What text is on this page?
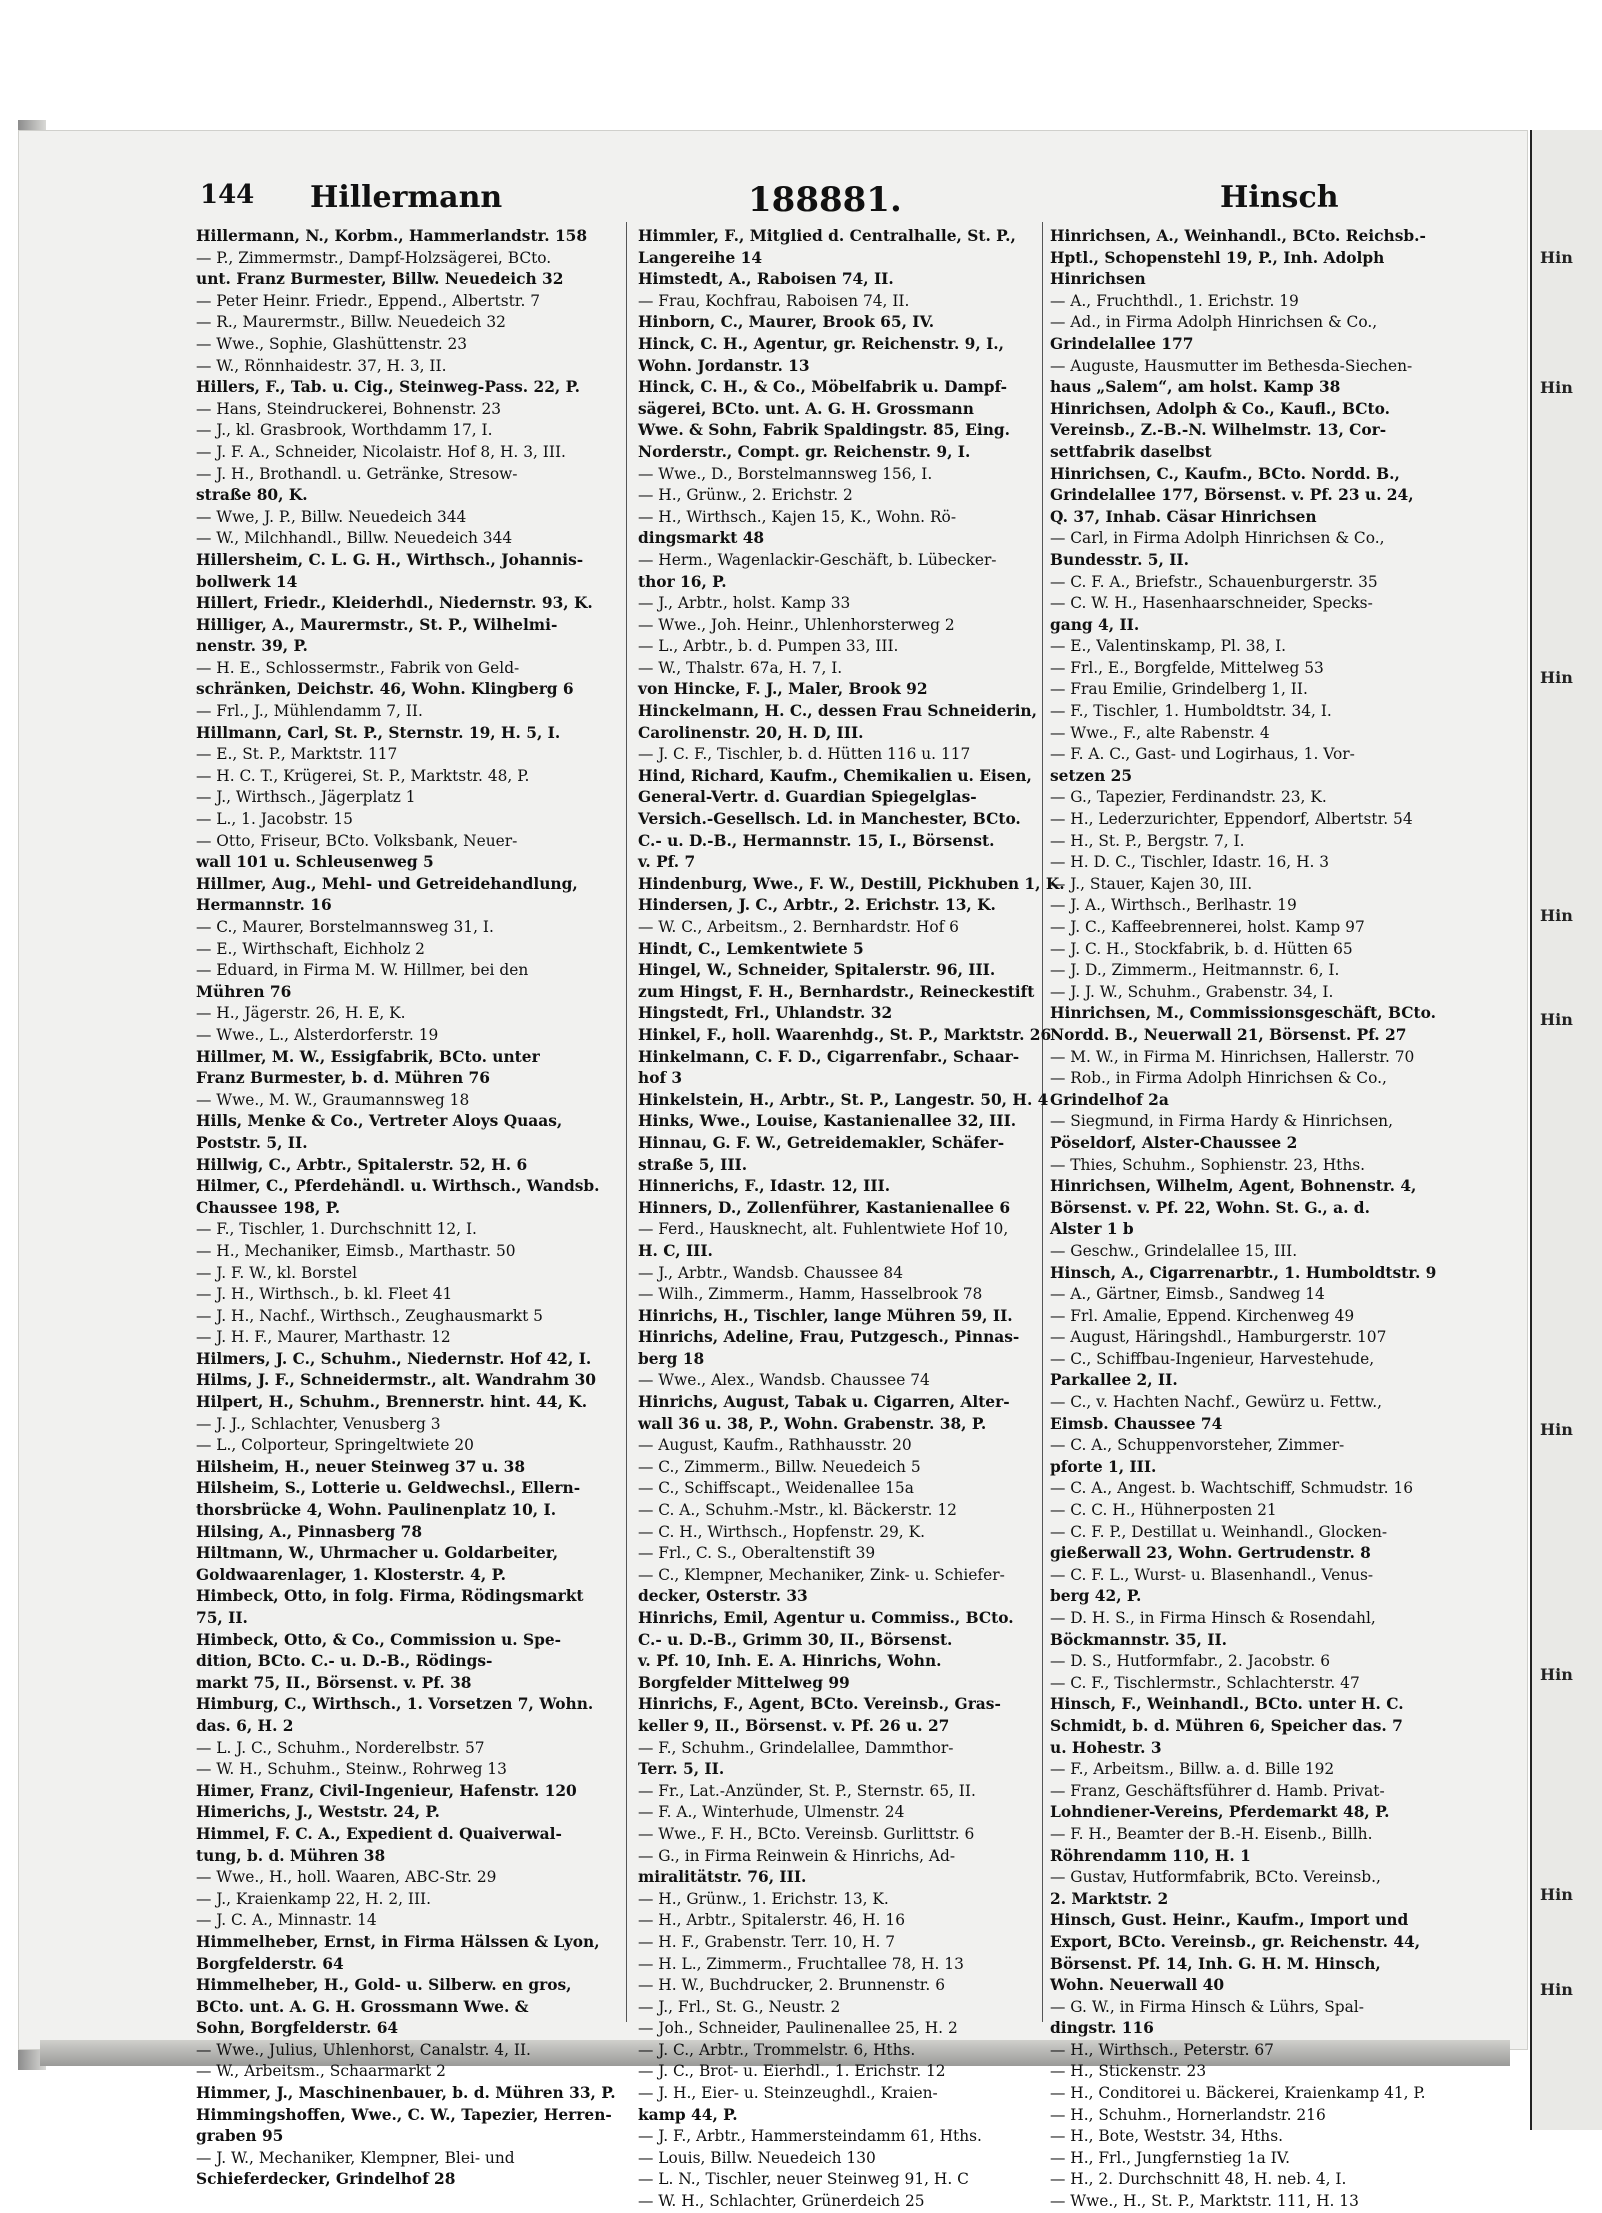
Hin
Hin
Hin
Hin
Hin
Hin
Hin
Hin
Hin
144 Hillermann	188881.	Hinsch
Hillermann, N., Korbm., Hammerlandstr. 158
— P., Zimmermstr., Dampf-Holzsägerei, BCto.
unt. Franz Burmester, Billw. Neuedeich 32
— Peter Heinr. Friedr., Eppend., Albertstr. 7
— R., Maurermstr., Billw. Neuedeich 32
— Wwe., Sophie, Glashüttenstr. 23
— W., Rönnhaidestr. 37, H. 3, II.
Hillers, F., Tab. u. Cig., Steinweg-Pass. 22, P.
— Hans, Steindruckerei, Bohnenstr. 23
— J., kl. Grasbrook, Worthdamm 17, I.
— J. F. A., Schneider, Nicolaistr. Hof 8, H. 3, III.
— J. H., Brothandl. u. Getränke, Stresow-
straße 80, K.
— Wwe, J. P., Billw. Neuedeich 344
— W., Milchhandl., Billw. Neuedeich 344
Hillersheim, C. L. G. H., Wirthsch., Johannis-
bollwerk 14
Hillert, Friedr., Kleiderhdl., Niedernstr. 93, K.
Hilliger, A., Maurermstr., St. P., Wilhelmi-
nenstr. 39, P.
— H. E., Schlossermstr., Fabrik von Geld-
schränken, Deichstr. 46, Wohn. Klingberg 6
— Frl., J., Mühlendamm 7, II.
Hillmann, Carl, St. P., Sternstr. 19, H. 5, I.
— E., St. P., Marktstr. 117
— H. C. T., Krügerei, St. P., Marktstr. 48, P.
— J., Wirthsch., Jägerplatz 1
— L., 1. Jacobstr. 15
— Otto, Friseur, BCto. Volksbank, Neuer-
wall 101 u. Schleusenweg 5
Hillmer, Aug., Mehl- und Getreidehandlung,
Hermannstr. 16
— C., Maurer, Borstelmannsweg 31, I.
— E., Wirthschaft, Eichholz 2
— Eduard, in Firma M. W. Hillmer, bei den
Mühren 76
— H., Jägerstr. 26, H. E, K.
— Wwe., L., Alsterdorferstr. 19
Hillmer, M. W., Essigfabrik, BCto. unter
Franz Burmester, b. d. Mühren 76
— Wwe., M. W., Graumannsweg 18
Hills, Menke & Co., Vertreter Aloys Quaas,
Poststr. 5, II.
Hillwig, C., Arbtr., Spitalerstr. 52, H. 6
Hilmer, C., Pferdehändl. u. Wirthsch., Wandsb.
Chaussee 198, P.
— F., Tischler, 1. Durchschnitt 12, I.
— H., Mechaniker, Eimsb., Marthastr. 50
— J. F. W., kl. Borstel
— J. H., Wirthsch., b. kl. Fleet 41
— J. H., Nachf., Wirthsch., Zeughausmarkt 5
— J. H. F., Maurer, Marthastr. 12
Hilmers, J. C., Schuhm., Niedernstr. Hof 42, I.
Hilms, J. F., Schneidermstr., alt. Wandrahm 30
Hilpert, H., Schuhm., Brennerstr. hint. 44, K.
— J. J., Schlachter, Venusberg 3
— L., Colporteur, Springeltwiete 20
Hilsheim, H., neuer Steinweg 37 u. 38
Hilsheim, S., Lotterie u. Geldwechsl., Ellern-
thorsbrücke 4, Wohn. Paulinenplatz 10, I.
Hilsing, A., Pinnasberg 78
Hiltmann, W., Uhrmacher u. Goldarbeiter,
Goldwaarenlager, 1. Klosterstr. 4, P.
Himbeck, Otto, in folg. Firma, Rödingsmarkt
75, II.
Himbeck, Otto, & Co., Commission u. Spe-
dition, BCto. C.- u. D.-B., Rödings-
markt 75, II., Börsenst. v. Pf. 38
Himburg, C., Wirthsch., 1. Vorsetzen 7, Wohn.
das. 6, H. 2
— L. J. C., Schuhm., Norderelbstr. 57
— W. H., Schuhm., Steinw., Rohrweg 13
Himer, Franz, Civil-Ingenieur, Hafenstr. 120
Himerichs, J., Weststr. 24, P.
Himmel, F. C. A., Expedient d. Quaiverwal-
tung, b. d. Mühren 38
— Wwe., H., holl. Waaren, ABC-Str. 29
— J., Kraienkamp 22, H. 2, III.
— J. C. A., Minnastr. 14
Himmelheber, Ernst, in Firma Hälssen & Lyon,
Borgfelderstr. 64
Himmelheber, H., Gold- u. Silberw. en gros,
BCto. unt. A. G. H. Grossmann Wwe. &
Sohn, Borgfelderstr. 64
— Wwe., Julius, Uhlenhorst, Canalstr. 4, II.
— W., Arbeitsm., Schaarmarkt 2
Himmer, J., Maschinenbauer, b. d. Mühren 33, P.
Himmingshoffen, Wwe., C. W., Tapezier, Herren-
graben 95
— J. W., Mechaniker, Klempner, Blei- und
Schieferdecker, Grindelhof 28
Himmler, F., Mitglied d. Centralhalle, St. P.,
Langereihe 14
Himstedt, A., Raboisen 74, II.
— Frau, Kochfrau, Raboisen 74, II.
Hinborn, C., Maurer, Brook 65, IV.
Hinck, C. H., Agentur, gr. Reichenstr. 9, I.,
Wohn. Jordanstr. 13
Hinck, C. H., & Co., Möbelfabrik u. Dampf-
sägerei, BCto. unt. A. G. H. Grossmann
Wwe. & Sohn, Fabrik Spaldingstr. 85, Eing.
Norderstr., Compt. gr. Reichenstr. 9, I.
— Wwe., D., Borstelmannsweg 156, I.
— H., Grünw., 2. Erichstr. 2
— H., Wirthsch., Kajen 15, K., Wohn. Rö-
dingsmarkt 48
— Herm., Wagenlackir-Geschäft, b. Lübecker-
thor 16, P.
— J., Arbtr., holst. Kamp 33
— Wwe., Joh. Heinr., Uhlenhorsterweg 2
— L., Arbtr., b. d. Pumpen 33, III.
— W., Thalstr. 67a, H. 7, I.
von Hincke, F. J., Maler, Brook 92
Hinckelmann, H. C., dessen Frau Schneiderin,
Carolinenstr. 20, H. D, III.
— J. C. F., Tischler, b. d. Hütten 116 u. 117
Hind, Richard, Kaufm., Chemikalien u. Eisen,
General-Vertr. d. Guardian Spiegelglas-
Versich.-Gesellsch. Ld. in Manchester, BCto.
C.- u. D.-B., Hermannstr. 15, I., Börsenst.
v. Pf. 7
Hindenburg, Wwe., F. W., Destill, Pickhuben 1, K.
Hindersen, J. C., Arbtr., 2. Erichstr. 13, K.
— W. C., Arbeitsm., 2. Bernhardstr. Hof 6
Hindt, C., Lemkentwiete 5
Hingel, W., Schneider, Spitalerstr. 96, III.
zum Hingst, F. H., Bernhardstr., Reineckestift
Hingstedt, Frl., Uhlandstr. 32
Hinkel, F., holl. Waarenhdg., St. P., Marktstr. 26
Hinkelmann, C. F. D., Cigarrenfabr., Schaar-
hof 3
Hinkelstein, H., Arbtr., St. P., Langestr. 50, H. 4
Hinks, Wwe., Louise, Kastanienallee 32, III.
Hinnau, G. F. W., Getreidemakler, Schäfer-
straße 5, III.
Hinnerichs, F., Idastr. 12, III.
Hinners, D., Zollenführer, Kastanienallee 6
— Ferd., Hausknecht, alt. Fuhlentwiete Hof 10,
H. C, III.
— J., Arbtr., Wandsb. Chaussee 84
— Wilh., Zimmerm., Hamm, Hasselbrook 78
Hinrichs, H., Tischler, lange Mühren 59, II.
Hinrichs, Adeline, Frau, Putzgesch., Pinnas-
berg 18
— Wwe., Alex., Wandsb. Chaussee 74
Hinrichs, August, Tabak u. Cigarren, Alter-
wall 36 u. 38, P., Wohn. Grabenstr. 38, P.
— August, Kaufm., Rathhausstr. 20
— C., Zimmerm., Billw. Neuedeich 5
— C., Schiffscapt., Weidenallee 15a
— C. A., Schuhm.-Mstr., kl. Bäckerstr. 12
— C. H., Wirthsch., Hopfenstr. 29, K.
— Frl., C. S., Oberaltenstift 39
— C., Klempner, Mechaniker, Zink- u. Schiefer-
decker, Osterstr. 33
Hinrichs, Emil, Agentur u. Commiss., BCto.
C.- u. D.-B., Grimm 30, II., Börsenst.
v. Pf. 10, Inh. E. A. Hinrichs, Wohn.
Borgfelder Mittelweg 99
Hinrichs, F., Agent, BCto. Vereinsb., Gras-
keller 9, II., Börsenst. v. Pf. 26 u. 27
— F., Schuhm., Grindelallee, Dammthor-
Terr. 5, II.
— Fr., Lat.-Anzünder, St. P., Sternstr. 65, II.
— F. A., Winterhude, Ulmenstr. 24
— Wwe., F. H., BCto. Vereinsb. Gurlittstr. 6
— G., in Firma Reinwein & Hinrichs, Ad-
miralitätstr. 76, III.
— H., Grünw., 1. Erichstr. 13, K.
— H., Arbtr., Spitalerstr. 46, H. 16
— H. F., Grabenstr. Terr. 10, H. 7
— H. L., Zimmerm., Fruchtallee 78, H. 13
— H. W., Buchdrucker, 2. Brunnenstr. 6
— J., Frl., St. G., Neustr. 2
— Joh., Schneider, Paulinenallee 25, H. 2
— J. C., Arbtr., Trommelstr. 6, Hths.
— J. C., Brot- u. Eierhdl., 1. Erichstr. 12
— J. H., Eier- u. Steinzeughdl., Kraien-
kamp 44, P.
— J. F., Arbtr., Hammersteindamm 61, Hths.
— Louis, Billw. Neuedeich 130
— L. N., Tischler, neuer Steinweg 91, H. C
— W. H., Schlachter, Grünerdeich 25
Hinrichsen, A., Weinhandl., BCto. Reichsb.-
Hptl., Schopenstehl 19, P., Inh. Adolph
Hinrichsen
— A., Fruchthdl., 1. Erichstr. 19
— Ad., in Firma Adolph Hinrichsen & Co.,
Grindelallee 177
— Auguste, Hausmutter im Bethesda-Siechen-
haus „Salem“, am holst. Kamp 38
Hinrichsen, Adolph & Co., Kaufl., BCto.
Vereinsb., Z.-B.-N. Wilhelmstr. 13, Cor-
settfabrik daselbst
Hinrichsen, C., Kaufm., BCto. Nordd. B.,
Grindelallee 177, Börsenst. v. Pf. 23 u. 24,
Q. 37, Inhab. Cäsar Hinrichsen
— Carl, in Firma Adolph Hinrichsen & Co.,
Bundesstr. 5, II.
— C. F. A., Briefstr., Schauenburgerstr. 35
— C. W. H., Hasenhaarschneider, Specks-
gang 4, II.
— E., Valentinskamp, Pl. 38, I.
— Frl., E., Borgfelde, Mittelweg 53
— Frau Emilie, Grindelberg 1, II.
— F., Tischler, 1. Humboldtstr. 34, I.
— Wwe., F., alte Rabenstr. 4
— F. A. C., Gast- und Logirhaus, 1. Vor-
setzen 25
— G., Tapezier, Ferdinandstr. 23, K.
— H., Lederzurichter, Eppendorf, Albertstr. 54
— H., St. P., Bergstr. 7, I.
— H. D. C., Tischler, Idastr. 16, H. 3
— J., Stauer, Kajen 30, III.
— J. A., Wirthsch., Berlhastr. 19
— J. C., Kaffeebrennerei, holst. Kamp 97
— J. C. H., Stockfabrik, b. d. Hütten 65
— J. D., Zimmerm., Heitmannstr. 6, I.
— J. J. W., Schuhm., Grabenstr. 34, I.
Hinrichsen, M., Commissionsgeschäft, BCto.
Nordd. B., Neuerwall 21, Börsenst. Pf. 27
— M. W., in Firma M. Hinrichsen, Hallerstr. 70
— Rob., in Firma Adolph Hinrichsen & Co.,
Grindelhof 2a
— Siegmund, in Firma Hardy & Hinrichsen,
Pöseldorf, Alster-Chaussee 2
— Thies, Schuhm., Sophienstr. 23, Hths.
Hinrichsen, Wilhelm, Agent, Bohnenstr. 4,
Börsenst. v. Pf. 22, Wohn. St. G., a. d.
Alster 1 b
— Geschw., Grindelallee 15, III.
Hinsch, A., Cigarrenarbtr., 1. Humboldtstr. 9
— A., Gärtner, Eimsb., Sandweg 14
— Frl. Amalie, Eppend. Kirchenweg 49
— August, Häringshdl., Hamburgerstr. 107
— C., Schiffbau-Ingenieur, Harvestehude,
Parkallee 2, II.
— C., v. Hachten Nachf., Gewürz u. Fettw.,
Eimsb. Chaussee 74
— C. A., Schuppenvorsteher, Zimmer-
pforte 1, III.
— C. A., Angest. b. Wachtschiff, Schmudstr. 16
— C. C. H., Hühnerposten 21
— C. F. P., Destillat u. Weinhandl., Glocken-
gießerwall 23, Wohn. Gertrudenstr. 8
— C. F. L., Wurst- u. Blasenhandl., Venus-
berg 42, P.
— D. H. S., in Firma Hinsch & Rosendahl,
Böckmannstr. 35, II.
— D. S., Hutformfabr., 2. Jacobstr. 6
— C. F., Tischlermstr., Schlachterstr. 47
Hinsch, F., Weinhandl., BCto. unter H. C.
Schmidt, b. d. Mühren 6, Speicher das. 7
u. Hohestr. 3
— F., Arbeitsm., Billw. a. d. Bille 192
— Franz, Geschäftsführer d. Hamb. Privat-
Lohndiener-Vereins, Pferdemarkt 48, P.
— F. H., Beamter der B.-H. Eisenb., Billh.
Röhrendamm 110, H. 1
— Gustav, Hutformfabrik, BCto. Vereinsb.,
2. Marktstr. 2
Hinsch, Gust. Heinr., Kaufm., Import und
Export, BCto. Vereinsb., gr. Reichenstr. 44,
Börsenst. Pf. 14, Inh. G. H. M. Hinsch,
Wohn. Neuerwall 40
— G. W., in Firma Hinsch & Lührs, Spal-
dingstr. 116
— H., Wirthsch., Peterstr. 67
— H., Stickenstr. 23
— H., Conditorei u. Bäckerei, Kraienkamp 41, P.
— H., Schuhm., Hornerlandstr. 216
— H., Bote, Weststr. 34, Hths.
— H., Frl., Jungfernstieg 1a IV.
— H., 2. Durchschnitt 48, H. neb. 4, I.
— Wwe., H., St. P., Marktstr. 111, H. 13
